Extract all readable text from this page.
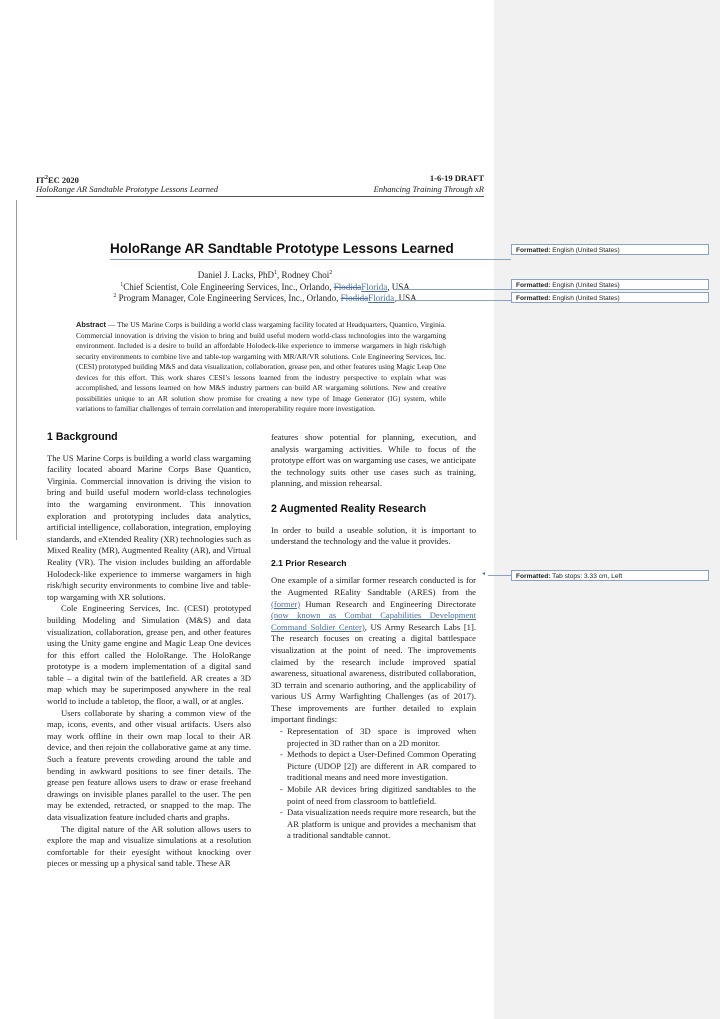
$IT^2EC$ 2020	1-6-19 DRAFT
HoloRange AR Sandtable Prototype Lessons Learned	Enhancing Training Through xR
HoloRange AR Sandtable Prototype Lessons Learned
Daniel J. Lacks, PhD$^1$, Rodney Choi$^2$
$^1$Chief Scientist, Cole Engineering Services, Inc., Orlando, FlodidaFlorida, USA
$^2$ Program Manager, Cole Engineering Services, Inc., Orlando, FlodidaFlorida, USA
Abstract — The US Marine Corps is building a world class wargaming facility located at Headquarters, Quantico, Virginia. Commercial innovation is driving the vision to bring and build useful modern world-class technologies into the wargaming environment. Included is a desire to build an affordable Holodeck-like experience to immerse wargamers in high risk/high security environments to combine live and table-top wargaming with MR/AR/VR solutions. Cole Engineering Services, Inc. (CESI) prototyped building M&S and data visualization, collaboration, grease pen, and other features using Magic Leap One devices for this effort. This work shares CESI’s lessons learned from the industry perspective to explain what was accomplished, and lessons learned on how M&S industry partners can build AR wargaming solutions. New and creative possibilities unique to an AR solution show promise for creating a new type of Image Generator (IG) system, while variations to familiar challenges of terrain correlation and interoperability require more investigation.
1 Background

The US Marine Corps is building a world class wargaming facility located aboard Marine Corps Base Quantico, Virginia. Commercial innovation is driving the vision to bring and build useful modern world-class technologies into the wargaming environment. This innovation exploration and prototyping includes data analytics, artificial intelligence, collaboration, integration, employing standards, and eXtended Reality (XR) technologies such as Mixed Reality (MR), Augmented Reality (AR), and Virtual Reality (VR). The vision includes building an affordable Holodeck-like experience to immerse wargamers in high risk/high security environments to combine live and table-top wargaming with XR solutions.

Cole Engineering Services, Inc. (CESI) prototyped building Modeling and Simulation (M&S) and data visualization, collaboration, grease pen, and other features using the Unity game engine and Magic Leap One devices for this effort called the HoloRange. The HoloRange prototype is a modern implementation of a digital sand table – a digital twin of the battlefield. AR creates a 3D map which may be superimposed anywhere in the real world to include a tabletop, the floor, a wall, or at angles.

Users collaborate by sharing a common view of the map, icons, events, and other visual artifacts. Users also may work offline in their own map local to their AR device, and then rejoin the collaborative game at any time. Such a feature prevents crowding around the table and bending in awkward positions to see finer details. The grease pen feature allows users to draw or erase freehand drawings on invisible planes parallel to the user. The pen may be extended, retracted, or snapped to the map. The data visualization feature included charts and graphs.

The digital nature of the AR solution allows users to explore the map and visualize simulations at a resolution comfortable for their eyesight without knocking over pieces or messing up a physical sand table. These AR

features show potential for planning, execution, and analysis wargaming activities. While to focus of the prototype effort was on wargaming use cases, we anticipate the technology suits other use cases such as training, planning, and mission rehearsal.

2 Augmented Reality Research

In order to build a useable solution, it is important to understand the technology and the value it provides.

2.1 Prior Research

One example of a similar former research conducted is for the Augmented REality Sandtable (ARES) from the (former) Human Research and Engineering Directorate (now known as Combat Capabilities Development Command Soldier Center), US Army Research Labs [1]. The research focuses on creating a digital battlespace visualization at the point of need. The improvements claimed by the research include improved spatial awareness, situational awareness, distributed collaboration, 3D terrain and scenario authoring, and the applicability of various US Army Warfighting Challenges (as of 2017). These improvements are further detailed to explain important findings:

- Representation of 3D space is improved when projected in 3D rather than on a 2D monitor.
- Methods to depict a User-Defined Common Operating Picture (UDOP [2]) are different in AR compared to traditional means and need more investigation.
- Mobile AR devices bring digitized sandtables to the point of need from classroom to battlefield.
- Data visualization needs require more research, but the AR platform is unique and provides a mechanism that a traditional sandtable cannot.
Formatted: English (United States)
Formatted: English (United States)
Formatted: English (United States)
◂	Formatted: Tab stops: 3.33 cm, Left
